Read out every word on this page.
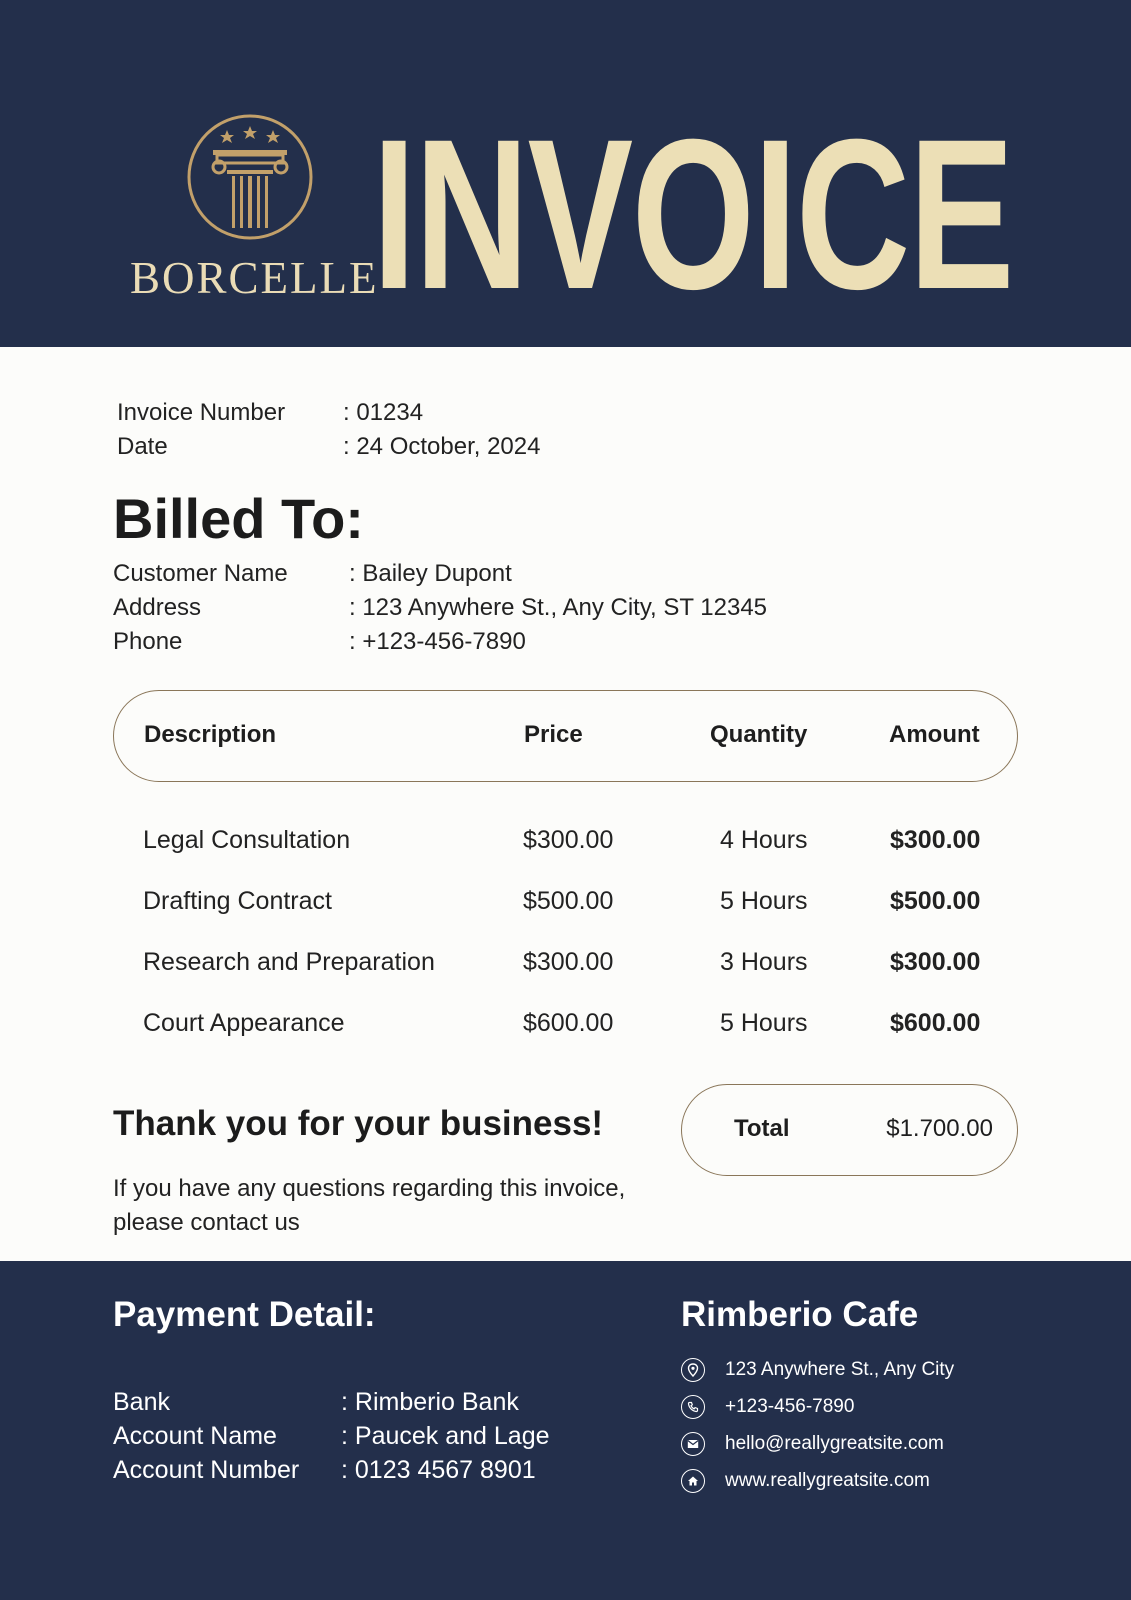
BORCELLE
INVOICE
Invoice Number	: 01234
Date	: 24 October, 2024
Billed To:
Customer Name	: Bailey Dupont
Address	: 123 Anywhere St., Any City, ST 12345
Phone	: +123-456-7890
Description	Price	Quantity	Amount
Legal Consultation	$300.00	4 Hours	$300.00
Drafting Contract	$500.00	5 Hours	$500.00
Research and Preparation	$300.00	3 Hours	$300.00
Court Appearance	$600.00	5 Hours	$600.00
Thank you for your business!
If you have any questions regarding this invoice, please contact us
Total	$1.700.00
Payment Detail:
Bank	: Rimberio Bank
Account Name	: Paucek and Lage
Account Number	: 0123 4567 8901
Rimberio Cafe
123 Anywhere St., Any City
+123-456-7890
hello@reallygreatsite.com
www.reallygreatsite.com
